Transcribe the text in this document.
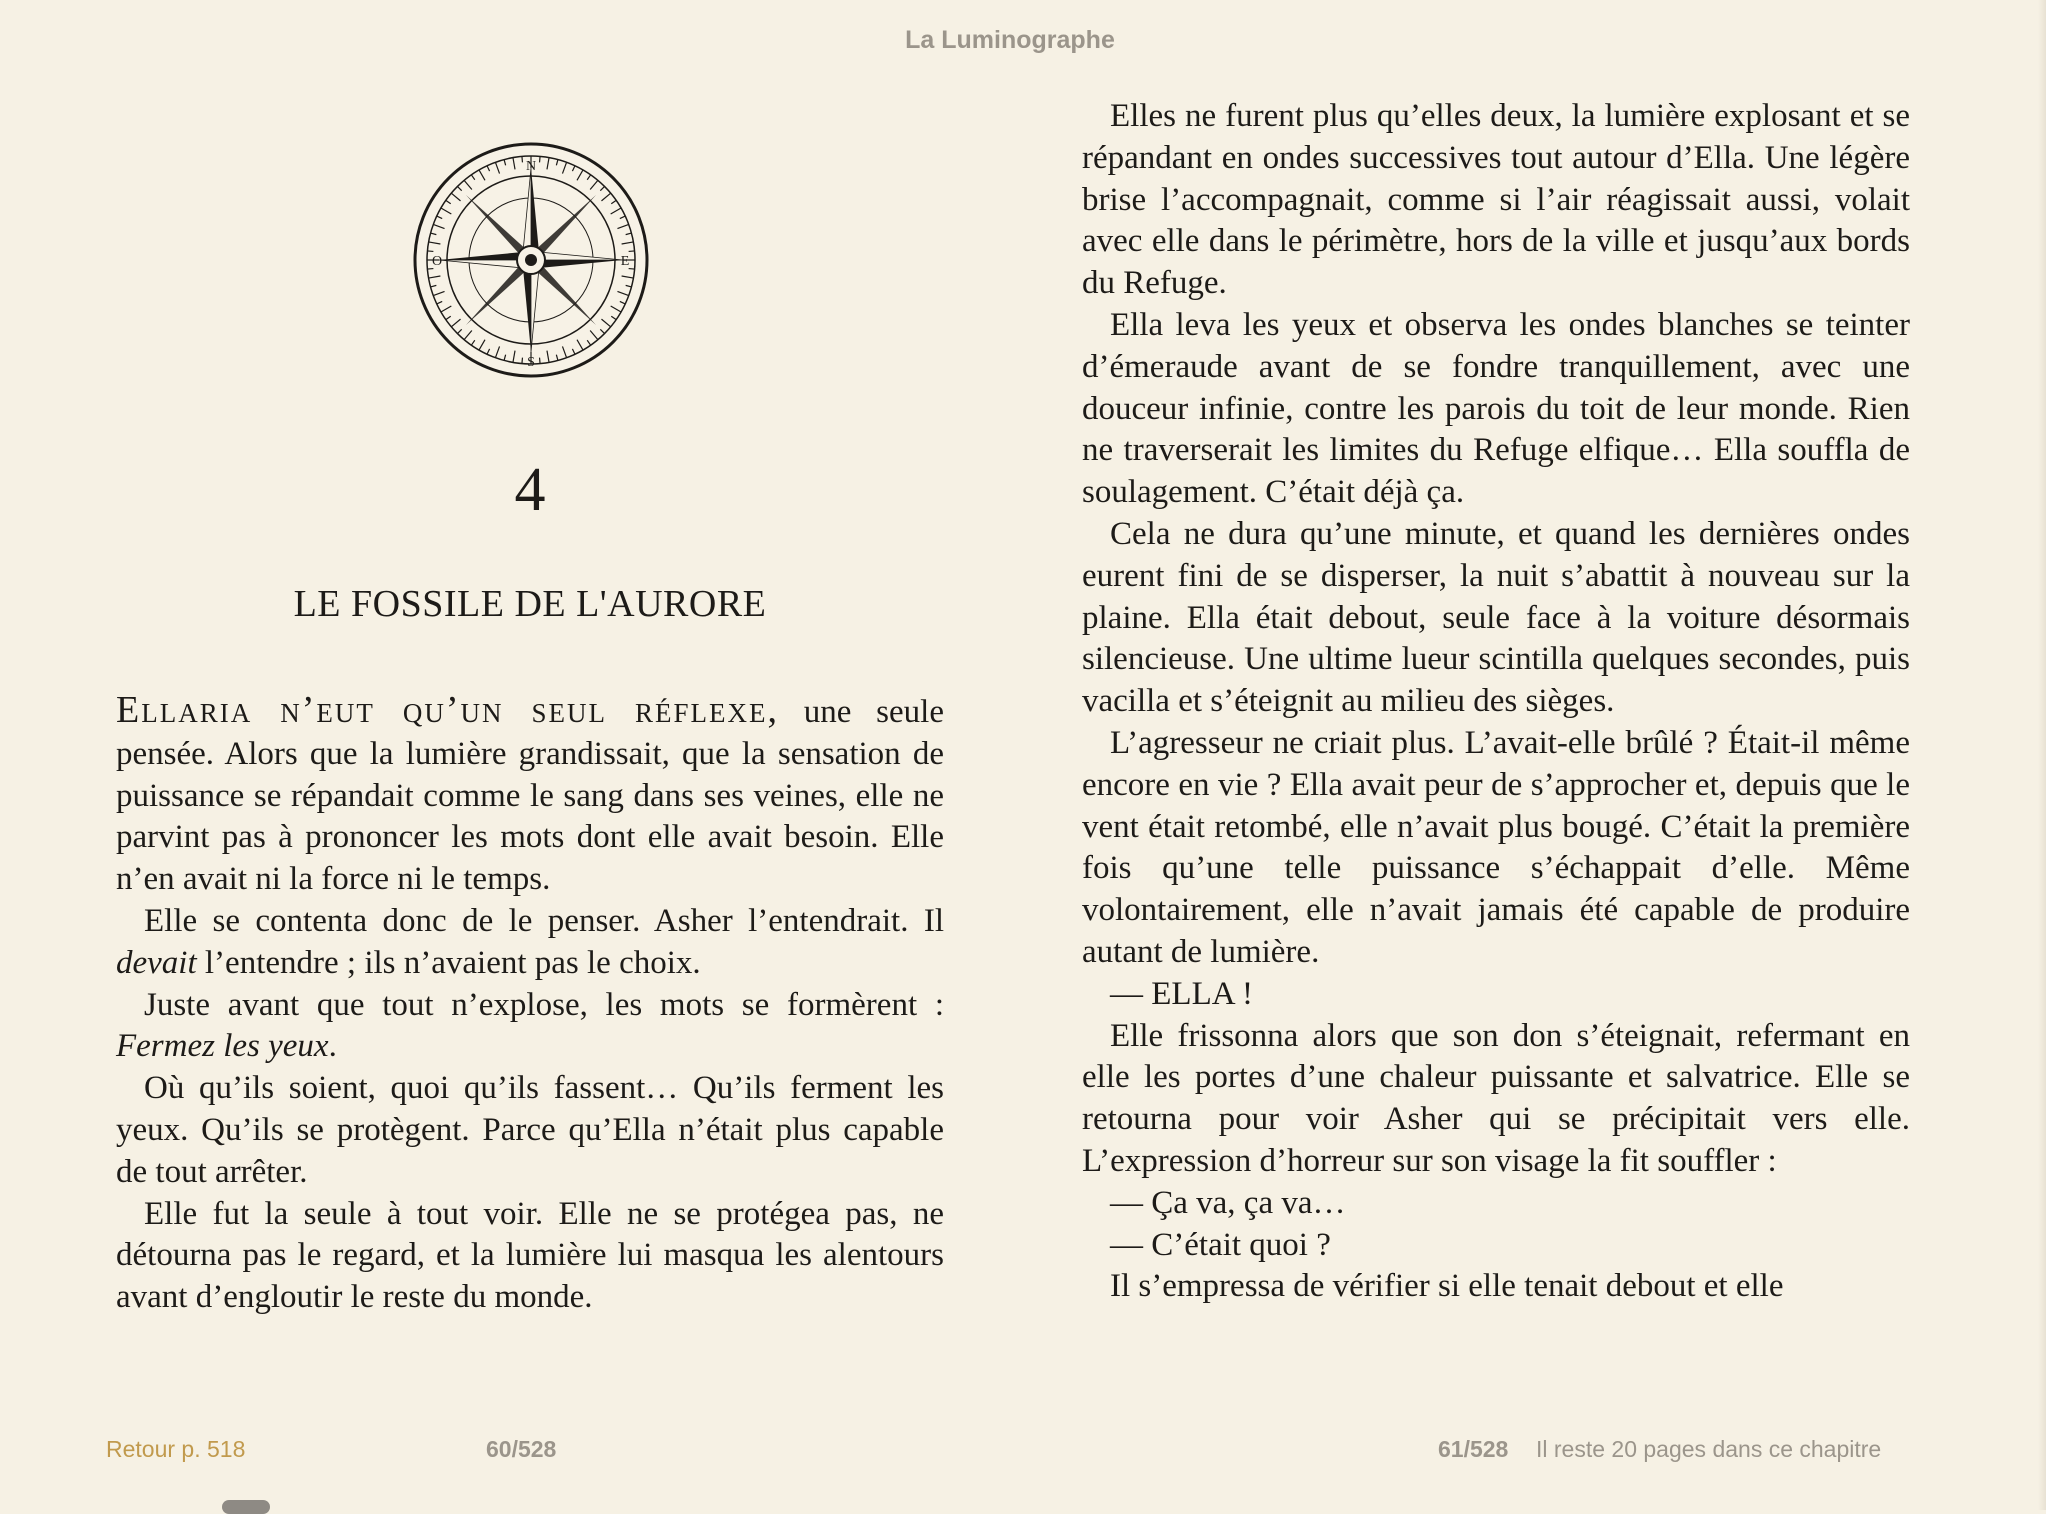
La Luminographe
N
E
S
O
4
LE FOSSILE DE L'AURORE

Ellaria n’eut qu’un seul réflexe, une seule pensée. Alors que la lumière grandissait, que la sensation de puissance se répandait comme le sang dans ses veines, elle ne parvint pas à prononcer les mots dont elle avait besoin. Elle n’en avait ni la force ni le temps.

Elle se contenta donc de le penser. Asher l’entendrait. Il devait l’entendre ; ils n’avaient pas le choix.

Juste avant que tout n’explose, les mots se formèrent : Fermez les yeux.

Où qu’ils soient, quoi qu’ils fassent… Qu’ils ferment les yeux. Qu’ils se protègent. Parce qu’Ella n’était plus capable de tout arrêter.

Elle fut la seule à tout voir. Elle ne se protégea pas, ne détourna pas le regard, et la lumière lui masqua les alentours avant d’engloutir le reste du monde.

Elles ne furent plus qu’elles deux, la lumière explosant et se répandant en ondes successives tout autour d’Ella. Une légère brise l’accompagnait, comme si l’air réagissait aussi, volait avec elle dans le périmètre, hors de la ville et jusqu’aux bords du Refuge.

Ella leva les yeux et observa les ondes blanches se teinter d’émeraude avant de se fondre tranquillement, avec une douceur infinie, contre les parois du toit de leur monde. Rien ne traverserait les limites du Refuge elfique… Ella souffla de soulagement. C’était déjà ça.

Cela ne dura qu’une minute, et quand les dernières ondes eurent fini de se disperser, la nuit s’abattit à nouveau sur la plaine. Ella était debout, seule face à la voiture désormais silencieuse. Une ultime lueur scintilla quelques secondes, puis vacilla et s’éteignit au milieu des sièges.

L’agresseur ne criait plus. L’avait-elle brûlé ? Était-il même encore en vie ? Ella avait peur de s’approcher et, depuis que le vent était retombé, elle n’avait plus bougé. C’était la première fois qu’une telle puissance s’échappait d’elle. Même volontairement, elle n’avait jamais été capable de produire autant de lumière.

— ELLA !

Elle frissonna alors que son don s’éteignait, refermant en elle les portes d’une chaleur puissante et salvatrice. Elle se retourna pour voir Asher qui se précipitait vers elle. L’expression d’horreur sur son visage la fit souffler :

— Ça va, ça va…

— C’était quoi ?

Il s’empressa de vérifier si elle tenait debout et elle

Retour p. 518	60/528	61/528 Il reste 20 pages dans ce chapitre
